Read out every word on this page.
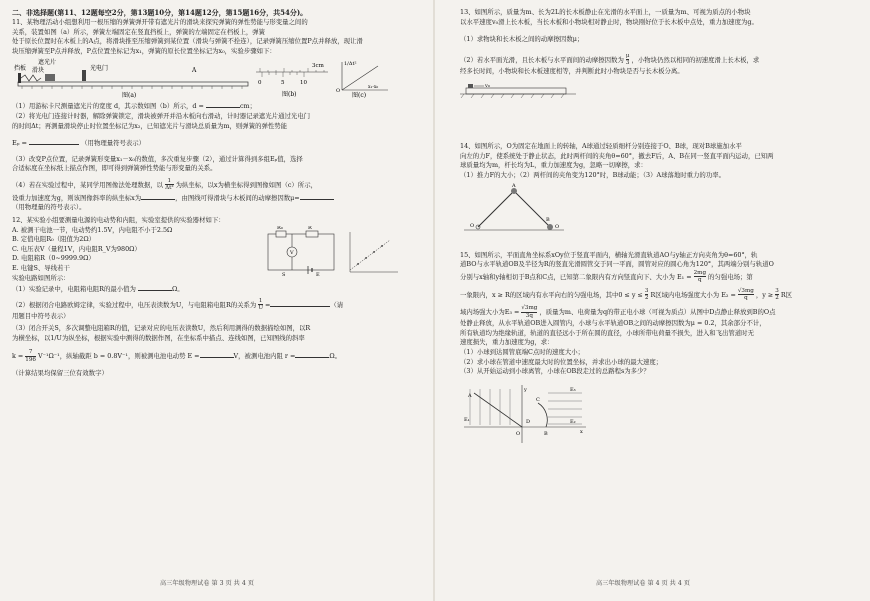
二、非选择题(第11、12题每空2分，第13题10分，第14题12分，第15题16分，共54分)。

11、某物理活动小组想利用一根压缩的弹簧弹开带有遮光片的滑块来探究弹簧的弹性势能与形变量之间的

关系，装置如图（a）所示，弹簧左端固定在竖直挡板上，弹簧的左端固定在档板上，弹簧

处于原长位置时在木板上的A点，将滑块推至压缩弹簧到某位置（滑块与弹簧不拴连），记录弹簧压缩位置P点并释放，现让滑

块压缩弹簧至P点并释放，P点位置坐标记为x₁，弹簧的原长位置坐标记为x₀，实验步骤如下：

挡板
遮光片
滑块	光电门	A
图(a)
3cm
0	5	10
图(b)
1/Δt²
x₁-x₀
O
图(c)

（1）用游标卡尺测量遮光片的宽度 d，其示数如图（b）所示，d =	cm；

（2）将光电门连接计时器，解除弹簧锁定，滑块被弹开并沿木板向右滑动，计时器记录遮光片通过光电门

的时间Δt；再测量滑块停止时位置坐标记为x₂，已知遮光片与滑块总质量为m，则弹簧的弹性势能

Eₚ =	（用物理量符号表示）

（3）改变P点位置，记录弹簧形变量x₁－x₀的数值，多次重复步骤（2），通过计算得到多组Eₚ值，选择

合适标度在坐标纸上描点作图，即可得到弹簧弹性势能与形变量的关系。

（4）若在实验过程中，某同学用图像法处理数据，以 $\frac{1}{\text{Δt²}}$ 为纵坐标，以x为横坐标得到图像如图（c）所示，

设重力加速度为g，则该图像斜率的纵坐标x为	，由图线可得滑块与木板间的动摩擦因数μ=

（用物理量的符号表示）。

12、某实验小组要测量电源的电动势和内阻，实验室提供的实验器材如下：

A. 被测干电池一节，电动势约1.5V，内电阻不小于2.5Ω

B. 定值电阻R₀（阻值为2Ω）

C. 电压表V（量程1V，内电阻R_V为980Ω）

D. 电阻箱R（0~9999.9Ω）

E. 电键S、导线若干

实验电路如图所示：

R₀	R
V
S	E

（1）实验记录中，电阻箱电阻R的最小值为	Ω。

（2）根据闭合电路欧姆定律，实验过程中，电压表读数为U，与电阻箱电阻R的关系为 $\frac{1}{U}$ =	（请

用题目中符号表示）

（3）闭合开关S，多次调整电阻箱R的值，记录对应的电压表读数U，然后利用测得的数据描绘如图，以R

为横坐标，以1/U为纵坐标，根据实验中测得的数据作图，在坐标系中描点、连线如图，已知图线的斜率

$k = \frac{7}{196} V^{-1}\Omega^{-1}$，纵轴截距 b = 0.8V⁻¹，则被测电池电动势 E =	V，被测电池内阻 r =	Ω。

（计算结果均保留三位有效数字）

高三年级物理试卷 第 3 页 共 4 页

13、如图所示，质量为m、长为2L的长木板静止在光滑的水平面上，一质量为m、可视为质点的小物块

以水平速度v₀滑上长木板，当长木板和小物块相对静止时，物块刚好位于长木板中点处，重力加速度为g。

（1）求物块和长木板之间的动摩擦因数μ；

（2）若水平面光滑，且长木板与水平面间的动摩擦因数为 $\frac{\mu}{3}$ ，小物块仍然以相同的初速度滑上长木板，求

经多长时间，小物块和长木板速度相等，并判断此时小物块是否与长木板分离。

v₀

14、如图所示，O为固定在地面上的转轴，A球通过轻质细杆分别连接于O、B球，现对B球施加水平

向左的力F，使系统处于静止状态，此时两杆间的夹角θ=60°，撤去F后，A、B在同一竖直平面内运动，已知两

球质量均为m，杆长均为L，重力加速度为g，忽略一切摩擦，求：

（1）推力F的大小；（2）两杆间的夹角变为120°时，B球动能；（3）A球落地时重力的功率。

A
O
B
O

15、如图所示，平面直角坐标系xOy位于竖直平面内，横轴光滑直轨道AO与y轴正方向夹角为θ=60°，轨

道BO与水平轨道OB及半径为R的竖直光滑圆管交于同一平面，圆管对应的圆心角为120°，其两端分别与轨道O

分别与x轴和y轴相切于B点和C点，已知第二象限内有方向竖直向下、大小为 $E_1 = \frac{2mg}{q}$ 的匀强电场；第

一象限内，x ≥ R的区域内有水平向右的匀强电场，其中$0 \le y \le \frac{3}{2}$ R区域内电场强度大小为 $E_2 = \frac{√3mg}{q}$ ，$y \ge \frac{3}{2}$ R区

域内场强大小为$E_3 = \frac{√3mg}{3q}$ ，质量为m、电荷量为q的带正电小球（可视为质点）从图中D点静止释放到B的O点

处静止释放，从水平轨道OB进入圆管内，小球与水平轨道OB之间的动摩擦因数为μ = 0.2，其余部分不计，

所有轨道均为绝缘轨道，轨道的直径远小于所在圆的直径，小球所带电荷量不损失，进入和飞出管道时无

速度损失，重力加速度为g，求：

（1）小球到达圆管底端C点时的速度大小；

（2）求小球在管道中速度最大时的位置坐标，并求出小球的最大速度；

（3）从开始运动到小球离管，小球在OB段走过的总路程s为多少？

A
E₁
E₃
E₂
y
x
O	B
C
D
高三年级物理试卷 第 4 页 共 4 页
